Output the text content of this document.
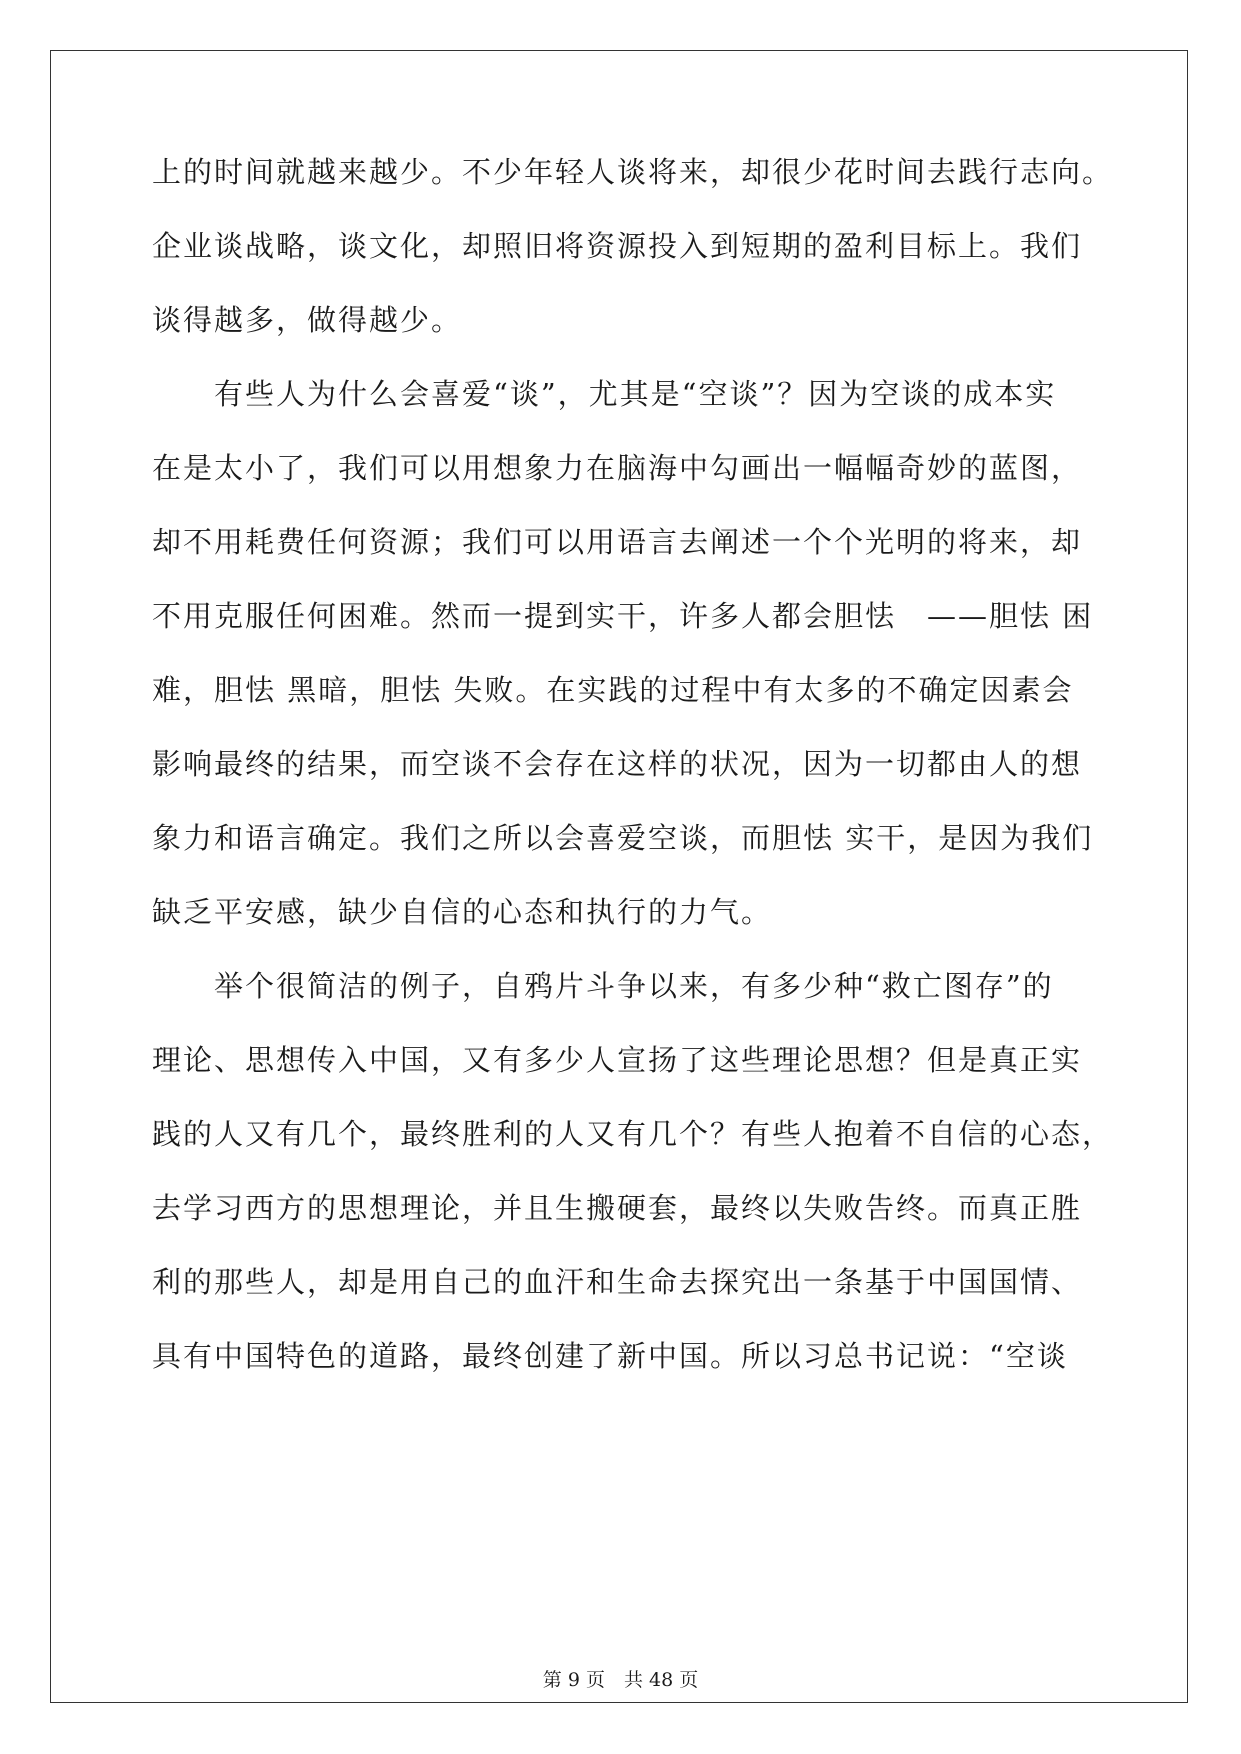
上的时间就越来越少。不少年轻人谈将来，却很少花时间去践行志向。
企业谈战略，谈文化，却照旧将资源投入到短期的盈利目标上。我们
谈得越多，做得越少。
　　有些人为什么会喜爱“谈”，尤其是“空谈”？因为空谈的成本实
在是太小了，我们可以用想象力在脑海中勾画出一幅幅奇妙的蓝图，
却不用耗费任何资源；我们可以用语言去阐述一个个光明的将来，却
不用克服任何困难。然而一提到实干，许多人都会胆怯　——胆怯 困
难，胆怯 黑暗，胆怯 失败。在实践的过程中有太多的不确定因素会
影响最终的结果，而空谈不会存在这样的状况，因为一切都由人的想
象力和语言确定。我们之所以会喜爱空谈，而胆怯 实干，是因为我们
缺乏平安感，缺少自信的心态和执行的力气。
　　举个很简洁的例子，自鸦片斗争以来，有多少种“救亡图存”的
理论、思想传入中国，又有多少人宣扬了这些理论思想？但是真正实
践的人又有几个，最终胜利的人又有几个？有些人抱着不自信的心态，
去学习西方的思想理论，并且生搬硬套，最终以失败告终。而真正胜
利的那些人，却是用自己的血汗和生命去探究出一条基于中国国情、
具有中国特色的道路，最终创建了新中国。所以习总书记说：“空谈
第 9 页　共 48 页
